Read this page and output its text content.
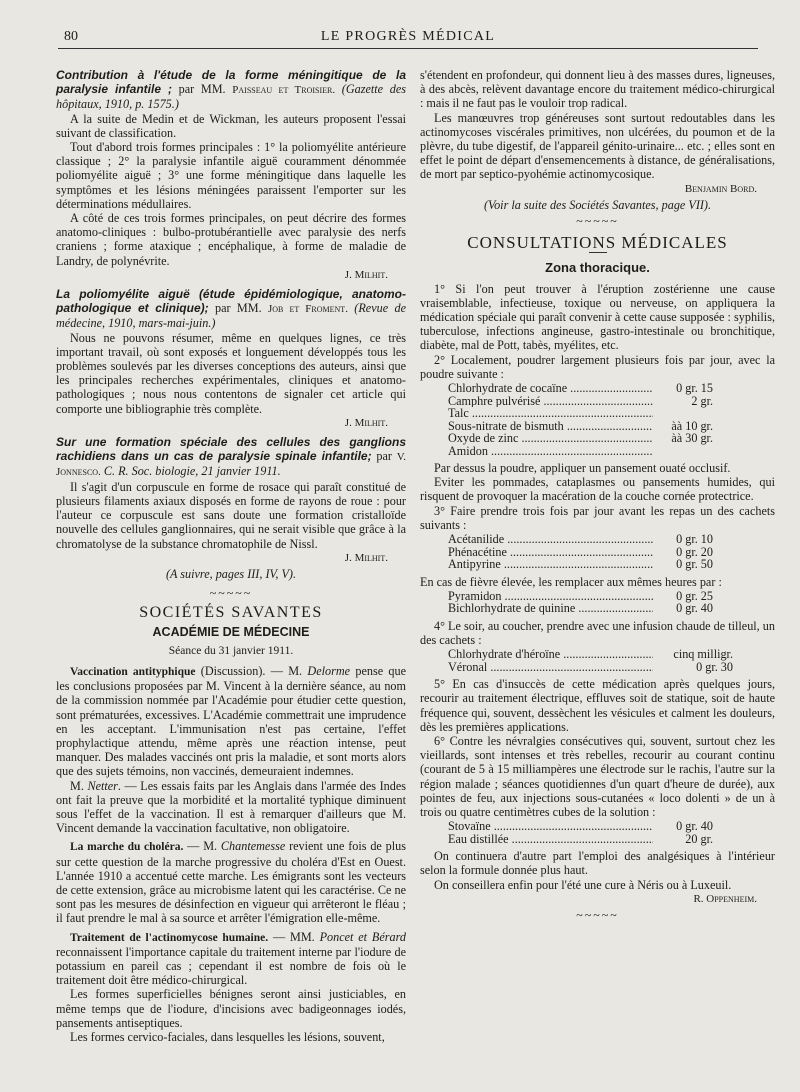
80	LE PROGRÈS MÉDICAL

Contribution à l'étude de la forme méningitique de la paralysie infantile ; par MM. Paisseau et Troisier. (Gazette des hôpitaux, 1910, p. 1575.)

A la suite de Medin et de Wickman, les auteurs proposent l'essai suivant de classification.

Tout d'abord trois formes principales : 1° la poliomyélite antérieure classique ; 2° la paralysie infantile aiguë couramment dénommée poliomyélite aiguë ; 3° une forme méningitique dans laquelle les symptômes et les lésions méningées paraissent l'emporter sur les déterminations médullaires.

A côté de ces trois formes principales, on peut décrire des formes anatomo-cliniques : bulbo-protubérantielle avec paralysie des nerfs craniens ; forme ataxique ; encéphalique, à forme de maladie de Landry, de polynévrite.

J. Milhit.

La poliomyélite aiguë (étude épidémiologique, anatomo-pathologique et clinique); par MM. Job et Froment. (Revue de médecine, 1910, mars-mai-juin.)

Nous ne pouvons résumer, même en quelques lignes, ce très important travail, où sont exposés et longuement développés tous les problèmes soulevés par les diverses conceptions des auteurs, ainsi que les principales recherches expérimentales, cliniques et anatomo-pathologiques ; nous nous contentons de signaler cet article qui comporte une bibliographie très complète.

J. Milhit.

Sur une formation spéciale des cellules des ganglions rachidiens dans un cas de paralysie spinale infantile; par V. Jonnesco. C. R. Soc. biologie, 21 janvier 1911.

Il s'agit d'un corpuscule en forme de rosace qui paraît constitué de plusieurs filaments axiaux disposés en forme de rayons de roue : pour l'auteur ce corpuscule est sans doute une formation cristalloïde nouvelle des cellules ganglionnaires, qui ne serait visible que grâce à la chromatolyse de la substance chromatophile de Nissl.

J. Milhit.

(A suivre, pages III, IV, V).

~~~~~
SOCIÉTÉS SAVANTES
ACADÉMIE DE MÉDECINE
Séance du 31 janvier 1911.

Vaccination antityphique (Discussion). — M. Delorme pense que les conclusions proposées par M. Vincent à la dernière séance, au nom de la commission nommée par l'Académie pour étudier cette question, sont prématurées, excessives. L'Académie commettrait une imprudence en les acceptant. L'immunisation n'est pas certaine, l'effet prophylactique attendu, même après une réaction intense, peut manquer. Des malades vaccinés ont pris la maladie, et sont morts alors que des sujets témoins, non vaccinés, demeuraient indemnes.

M. Netter. — Les essais faits par les Anglais dans l'armée des Indes ont fait la preuve que la morbidité et la mortalité typhique diminuent sous l'effet de la vaccination. Il est à remarquer d'ailleurs que M. Vincent demande la vaccination facultative, non obligatoire.

La marche du choléra. — M. Chantemesse revient une fois de plus sur cette question de la marche progressive du choléra d'Est en Ouest. L'année 1910 a accentué cette marche. Les émigrants sont les vecteurs de cette extension, grâce au microbisme latent qui les caractérise. Ce ne sont pas les mesures de désinfection en vigueur qui arrêteront le fléau ; il faut prendre le mal à sa source et arrêter l'émigration elle-même.

Traitement de l'actinomycose humaine. — MM. Poncet et Bérard reconnaissent l'importance capitale du traitement interne par l'iodure de potassium en pareil cas ; cependant il est nombre de fois où le traitement doit être médico-chirurgical.

Les formes superficielles bénignes seront ainsi justiciables, en même temps que de l'iodure, d'incisions avec badigeonnages iodés, pansements antiseptiques.

Les formes cervico-faciales, dans lesquelles les lésions, souvent,

s'étendent en profondeur, qui donnent lieu à des masses dures, ligneuses, à des abcès, relèvent davantage encore du traitement médico-chirurgical : mais il ne faut pas le vouloir trop radical.

Les manœuvres trop généreuses sont surtout redoutables dans les actinomycoses viscérales primitives, non ulcérées, du poumon et de la plèvre, du tube digestif, de l'appareil génito-urinaire... etc. ; elles sont en effet le point de départ d'ensemencements à distance, de généralisations, de mort par septico-pyohémie actinomycosique.

Benjamin Bord.

(Voir la suite des Sociétés Savantes, page VII).

~~~~~
CONSULTATIONS MÉDICALES
Zona thoracique.

1° Si l'on peut trouver à l'éruption zostérienne une cause vraisemblable, infectieuse, toxique ou nerveuse, on appliquera la médication spéciale qui paraît convenir à cette cause supposée : syphilis, tuberculose, infections angineuse, gastro-intestinale ou bronchitique, diabète, mal de Pott, tabès, myélites, etc.

2° Localement, poudrer largement plusieurs fois par jour, avec la poudre suivante :

Chlorhydrate de cocaïne .....	0 gr. 15
Camphre pulvérisé .....	2 gr.
Talc .....
Sous-nitrate de bismuth .....	àà 10 gr.
Oxyde de zinc .....	àà 30 gr.
Amidon .....

Par dessus la poudre, appliquer un pansement ouaté occlusif.

Eviter les pommades, cataplasmes ou pansements humides, qui risquent de provoquer la macération de la couche cornée protectrice.

3° Faire prendre trois fois par jour avant les repas un des cachets suivants :

Acétanilide .....	0 gr. 10
Phénacétine .....	0 gr. 20
Antipyrine .....	0 gr. 50

En cas de fièvre élevée, les remplacer aux mêmes heures par :

Pyramidon .....	0 gr. 25
Bichlorhydrate de quinine .....	0 gr. 40

4° Le soir, au coucher, prendre avec une infusion chaude de tilleul, un des cachets :

Chlorhydrate d'héroïne .....	cinq milligr.
Véronal .....	0 gr. 30

5° En cas d'insuccès de cette médication après quelques jours, recourir au traitement électrique, effluves soit de statique, soit de haute fréquence qui, souvent, dessèchent les vésicules et calment les douleurs, dès les premières applications.

6° Contre les névralgies consécutives qui, souvent, surtout chez les vieillards, sont intenses et très rebelles, recourir au courant continu (courant de 5 à 15 milliampères une électrode sur le rachis, l'autre sur la région malade ; séances quotidiennes d'un quart d'heure de durée), aux pointes de feu, aux injections sous-cutanées « loco dolenti » de un à trois ou quatre centimètres cubes de la solution :

Stovaïne .....	0 gr. 40
Eau distillée .....	20 gr.

On continuera d'autre part l'emploi des analgésiques à l'intérieur selon la formule donnée plus haut.

On conseillera enfin pour l'été une cure à Néris ou à Luxeuil.

R. Oppenheim.

~~~~~
